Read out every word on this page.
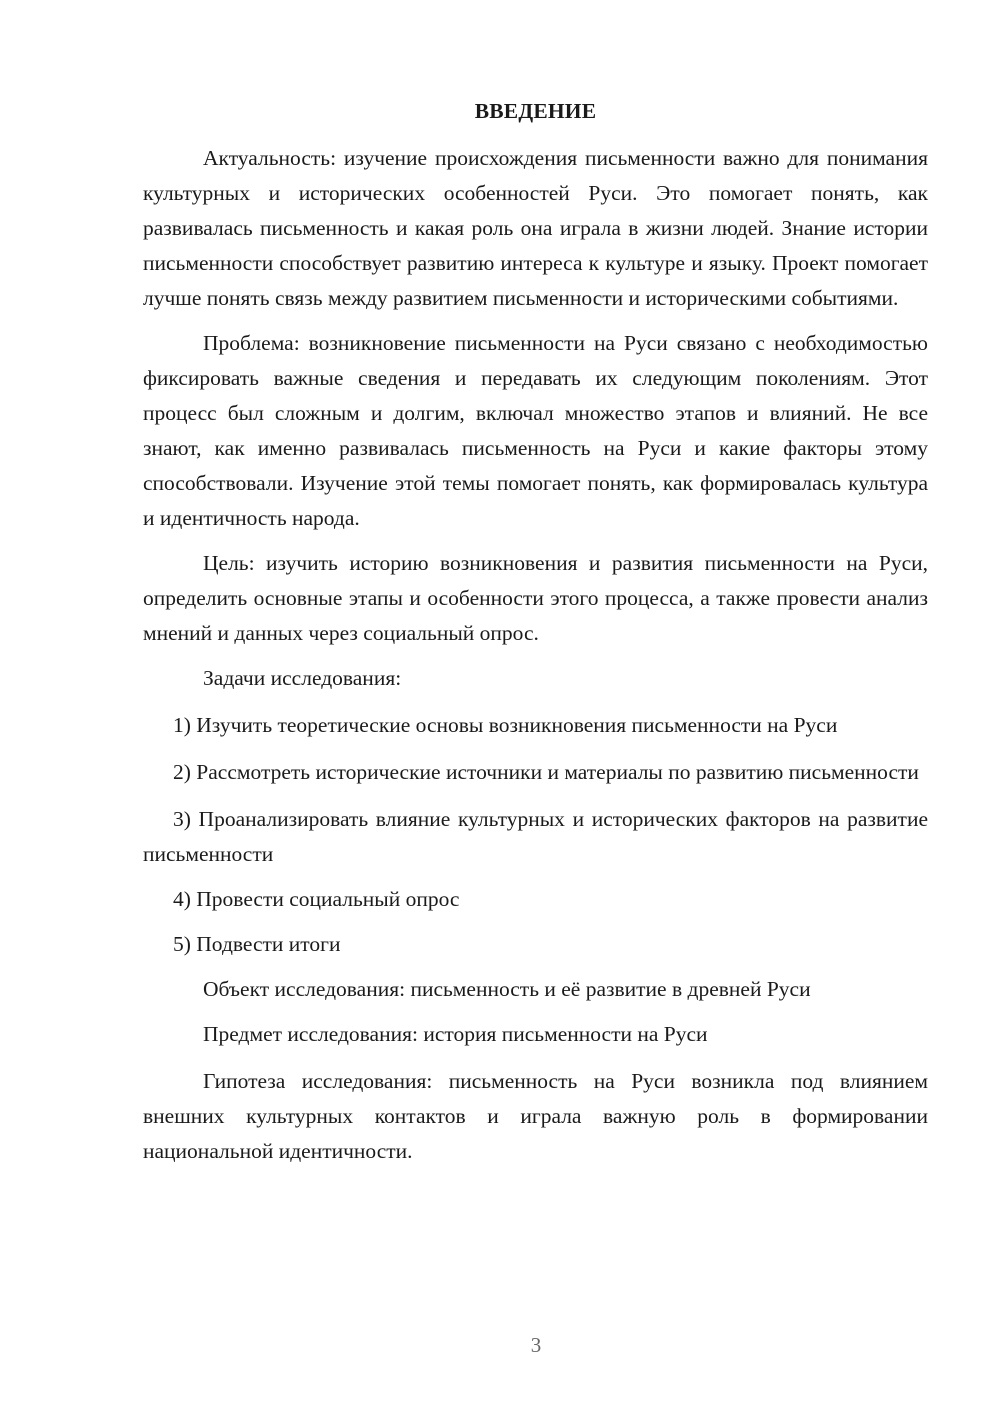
ВВЕДЕНИЕ

Актуальность: изучение происхождения письменности важно для понимания культурных и исторических особенностей Руси. Это помогает понять, как развивалась письменность и какая роль она играла в жизни людей. Знание истории письменности способствует развитию интереса к культуре и языку. Проект помогает лучше понять связь между развитием письменности и историческими событиями.

Проблема: возникновение письменности на Руси связано с необходимостью фиксировать важные сведения и передавать их следующим поколениям. Этот процесс был сложным и долгим, включал множество этапов и влияний. Не все знают, как именно развивалась письменность на Руси и какие факторы этому способствовали. Изучение этой темы помогает понять, как формировалась культура и идентичность народа.

Цель: изучить историю возникновения и развития письменности на Руси, определить основные этапы и особенности этого процесса, а также провести анализ мнений и данных через социальный опрос.

Задачи исследования:

1) Изучить теоретические основы возникновения письменности на Руси

2) Рассмотреть исторические источники и материалы по развитию письменности

3) Проанализировать влияние культурных и исторических факторов на развитие письменности

4) Провести социальный опрос

5) Подвести итоги

Объект исследования: письменность и её развитие в древней Руси

Предмет исследования: история письменности на Руси

Гипотеза исследования: письменность на Руси возникла под влиянием внешних культурных контактов и играла важную роль в формировании национальной идентичности.

3
